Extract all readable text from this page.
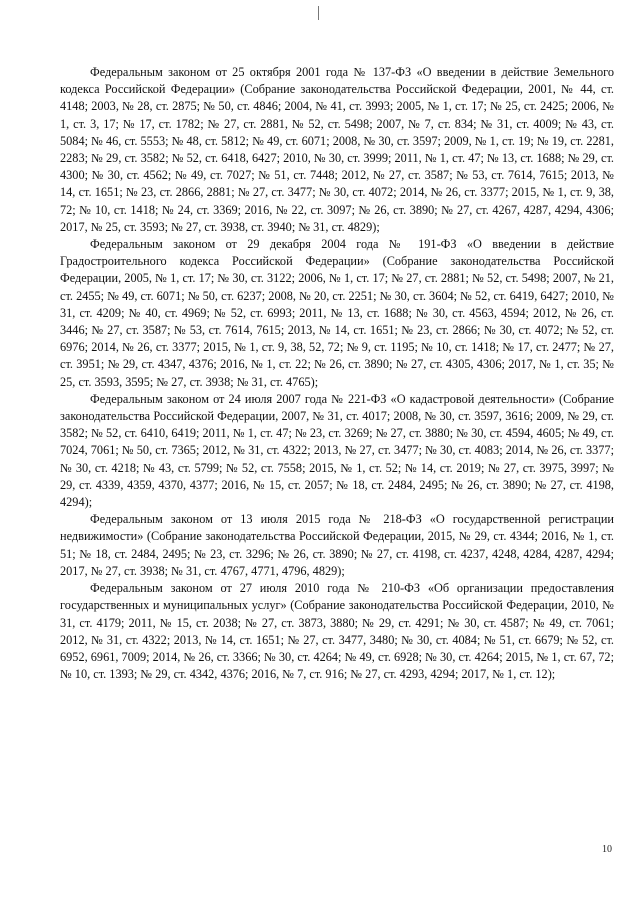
Федеральным законом от 25 октября 2001 года № 137-ФЗ «О введении в действие Земельного кодекса Российской Федерации» (Собрание законодательства Российской Федерации, 2001, № 44, ст. 4148; 2003, № 28, ст. 2875; № 50, ст. 4846; 2004, № 41, ст. 3993; 2005, № 1, ст. 17; № 25, ст. 2425; 2006, № 1, ст. 3, 17; № 17, ст. 1782; № 27, ст. 2881, № 52, ст. 5498; 2007, № 7, ст. 834; № 31, ст. 4009; № 43, ст. 5084; № 46, ст. 5553; № 48, ст. 5812; № 49, ст. 6071; 2008, № 30, ст. 3597; 2009, № 1, ст. 19; № 19, ст. 2281, 2283; № 29, ст. 3582; № 52, ст. 6418, 6427; 2010, № 30, ст. 3999; 2011, № 1, ст. 47; № 13, ст. 1688; № 29, ст. 4300; № 30, ст. 4562; № 49, ст. 7027; № 51, ст. 7448; 2012, № 27, ст. 3587; № 53, ст. 7614, 7615; 2013, № 14, ст. 1651; № 23, ст. 2866, 2881; № 27, ст. 3477; № 30, ст. 4072; 2014, № 26, ст. 3377; 2015, № 1, ст. 9, 38, 72; № 10, ст. 1418; № 24, ст. 3369; 2016, № 22, ст. 3097; № 26, ст. 3890; № 27, ст. 4267, 4287, 4294, 4306; 2017, № 25, ст. 3593; № 27, ст. 3938, ст. 3940; № 31, ст. 4829);

Федеральным законом от 29 декабря 2004 года № 191-ФЗ «О введении в действие Градостроительного кодекса Российской Федерации» (Собрание законодательства Российской Федерации, 2005, № 1, ст. 17; № 30, ст. 3122; 2006, № 1, ст. 17; № 27, ст. 2881; № 52, ст. 5498; 2007, № 21, ст. 2455; № 49, ст. 6071; № 50, ст. 6237; 2008, № 20, ст. 2251; № 30, ст. 3604; № 52, ст. 6419, 6427; 2010, № 31, ст. 4209; № 40, ст. 4969; № 52, ст. 6993; 2011, № 13, ст. 1688; № 30, ст. 4563, 4594; 2012, № 26, ст. 3446; № 27, ст. 3587; № 53, ст. 7614, 7615; 2013, № 14, ст. 1651; № 23, ст. 2866; № 30, ст. 4072; № 52, ст. 6976; 2014, № 26, ст. 3377; 2015, № 1, ст. 9, 38, 52, 72; № 9, ст. 1195; № 10, ст. 1418; № 17, ст. 2477; № 27, ст. 3951; № 29, ст. 4347, 4376; 2016, № 1, ст. 22; № 26, ст. 3890; № 27, ст. 4305, 4306; 2017, № 1, ст. 35; № 25, ст. 3593, 3595; № 27, ст. 3938; № 31, ст. 4765);

Федеральным законом от 24 июля 2007 года № 221-ФЗ «О кадастровой деятельности» (Собрание законодательства Российской Федерации, 2007, № 31, ст. 4017; 2008, № 30, ст. 3597, 3616; 2009, № 29, ст. 3582; № 52, ст. 6410, 6419; 2011, № 1, ст. 47; № 23, ст. 3269; № 27, ст. 3880; № 30, ст. 4594, 4605; № 49, ст. 7024, 7061; № 50, ст. 7365; 2012, № 31, ст. 4322; 2013, № 27, ст. 3477; № 30, ст. 4083; 2014, № 26, ст. 3377; № 30, ст. 4218; № 43, ст. 5799; № 52, ст. 7558; 2015, № 1, ст. 52; № 14, ст. 2019; № 27, ст. 3975, 3997; № 29, ст. 4339, 4359, 4370, 4377; 2016, № 15, ст. 2057; № 18, ст. 2484, 2495; № 26, ст. 3890; № 27, ст. 4198, 4294);

Федеральным законом от 13 июля 2015 года № 218-ФЗ «О государственной регистрации недвижимости» (Собрание законодательства Российской Федерации, 2015, № 29, ст. 4344; 2016, № 1, ст. 51; № 18, ст. 2484, 2495; № 23, ст. 3296; № 26, ст. 3890; № 27, ст. 4198, ст. 4237, 4248, 4284, 4287, 4294; 2017, № 27, ст. 3938; № 31, ст. 4767, 4771, 4796, 4829);

Федеральным законом от 27 июля 2010 года № 210-ФЗ «Об организации предоставления государственных и муниципальных услуг» (Собрание законодательства Российской Федерации, 2010, № 31, ст. 4179; 2011, № 15, ст. 2038; № 27, ст. 3873, 3880; № 29, ст. 4291; № 30, ст. 4587; № 49, ст. 7061; 2012, № 31, ст. 4322; 2013, № 14, ст. 1651; № 27, ст. 3477, 3480; № 30, ст. 4084; № 51, ст. 6679; № 52, ст. 6952, 6961, 7009; 2014, № 26, ст. 3366; № 30, ст. 4264; № 49, ст. 6928; № 30, ст. 4264; 2015, № 1, ст. 67, 72; № 10, ст. 1393; № 29, ст. 4342, 4376; 2016, № 7, ст. 916; № 27, ст. 4293, 4294; 2017, № 1, ст. 12);

10
